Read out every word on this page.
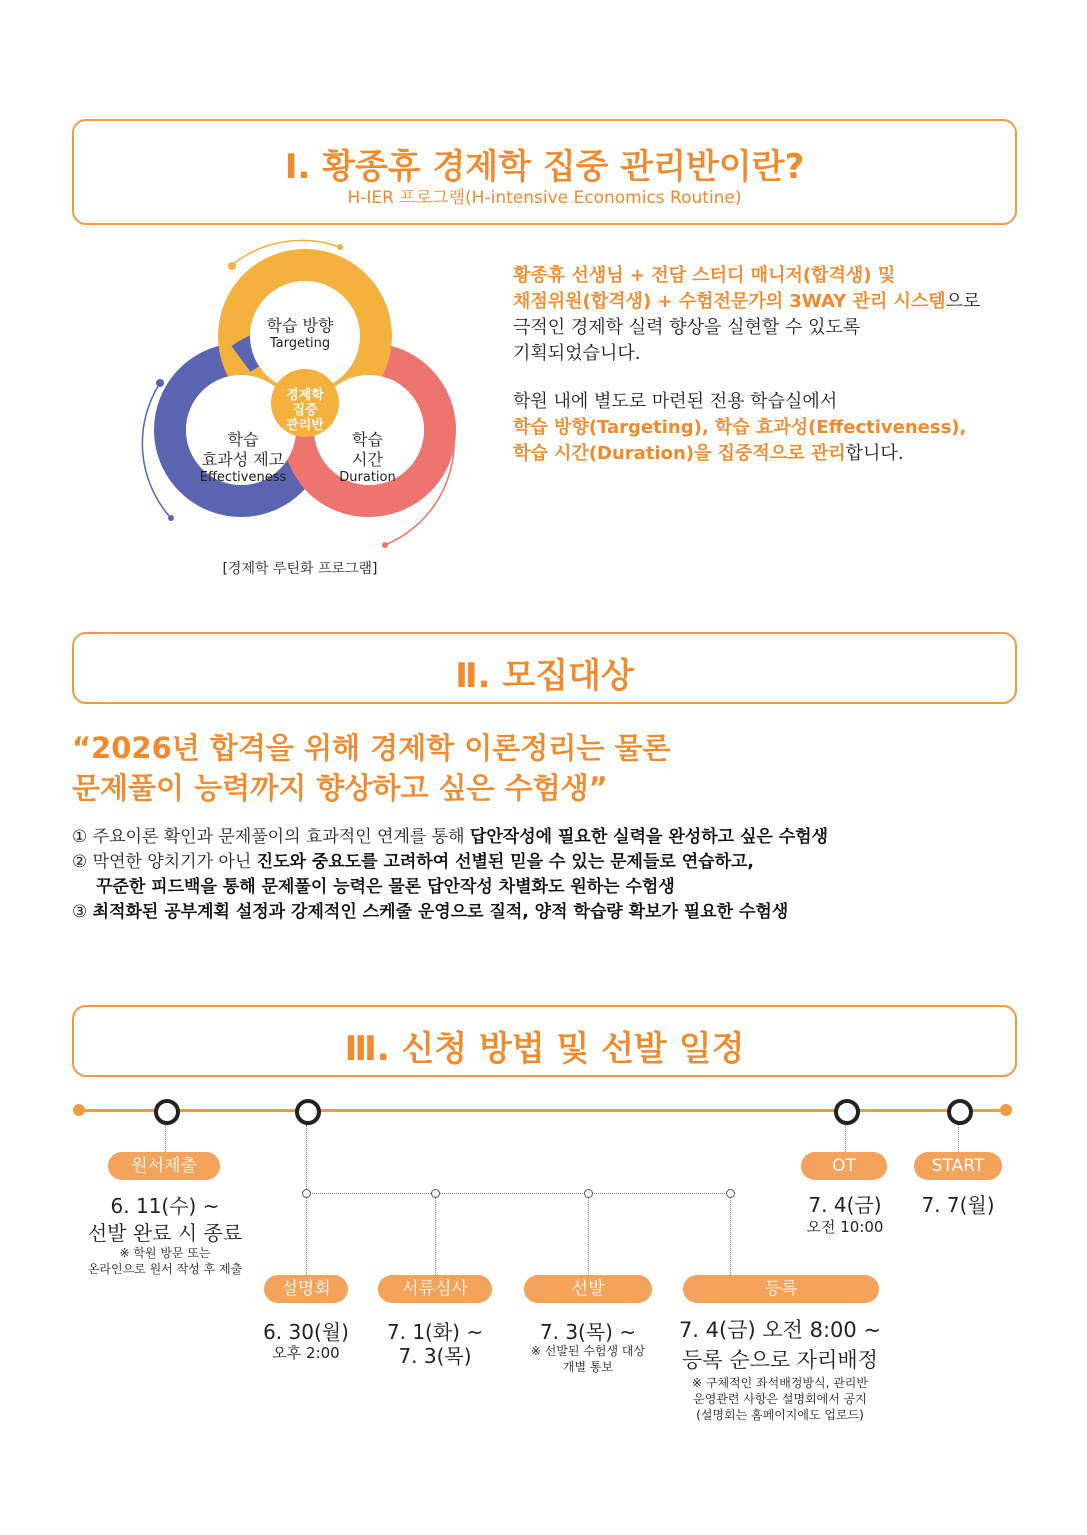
Ⅰ. 황종휴 경제학 집중 관리반이란?
H-IER 프로그램(H-intensive Economics Routine)
경제학
집중
관리반
학습 방향
Targeting
학습
효과성 제고
Effectiveness
학습
시간
Duration
[경제학 루틴화 프로그램]
황종휴 선생님 + 전담 스터디 매니저(합격생) 및
채점위원(합격생) + 수험전문가의 3WAY 관리 시스템으로
극적인 경제학 실력 향상을 실현할 수 있도록
기획되었습니다.
학원 내에 별도로 마련된 전용 학습실에서
학습 방향(Targeting), 학습 효과성(Effectiveness),
학습 시간(Duration)을 집중적으로 관리합니다.
Ⅱ. 모집대상
“2026년 합격을 위해 경제학 이론정리는 물론
문제풀이 능력까지 향상하고 싶은 수험생”
① 주요이론 확인과 문제풀이의 효과적인 연계를 통해 답안작성에 필요한 실력을 완성하고 싶은 수험생
② 막연한 양치기가 아닌 진도와 중요도를 고려하여 선별된 믿을 수 있는 문제들로 연습하고,
꾸준한 피드백을 통해 문제풀이 능력은 물론 답안작성 차별화도 원하는 수험생
③ 최적화된 공부계획 설정과 강제적인 스케줄 운영으로 질적, 양적 학습량 확보가 필요한 수험생
Ⅲ. 신청 방법 및 선발 일정
원서제출	OT	START
설명회	서류심사	선발	등록
6. 11(수) ~
선발 완료 시 종료
※ 학원 방문 또는
온라인으로 원서 작성 후 제출
7. 4(금)
오전 10:00
7. 7(월)
6. 30(월)
오후 2:00
7. 1(화) ~
7. 3(목)
7. 3(목) ~
※ 선발된 수험생 대상
개별 통보
7. 4(금) 오전 8:00 ~
등록 순으로 자리배정
※ 구체적인 좌석배정방식, 관리반
운영관련 사항은 설명회에서 공지
(설명회는 홈페이지에도 업로드)
